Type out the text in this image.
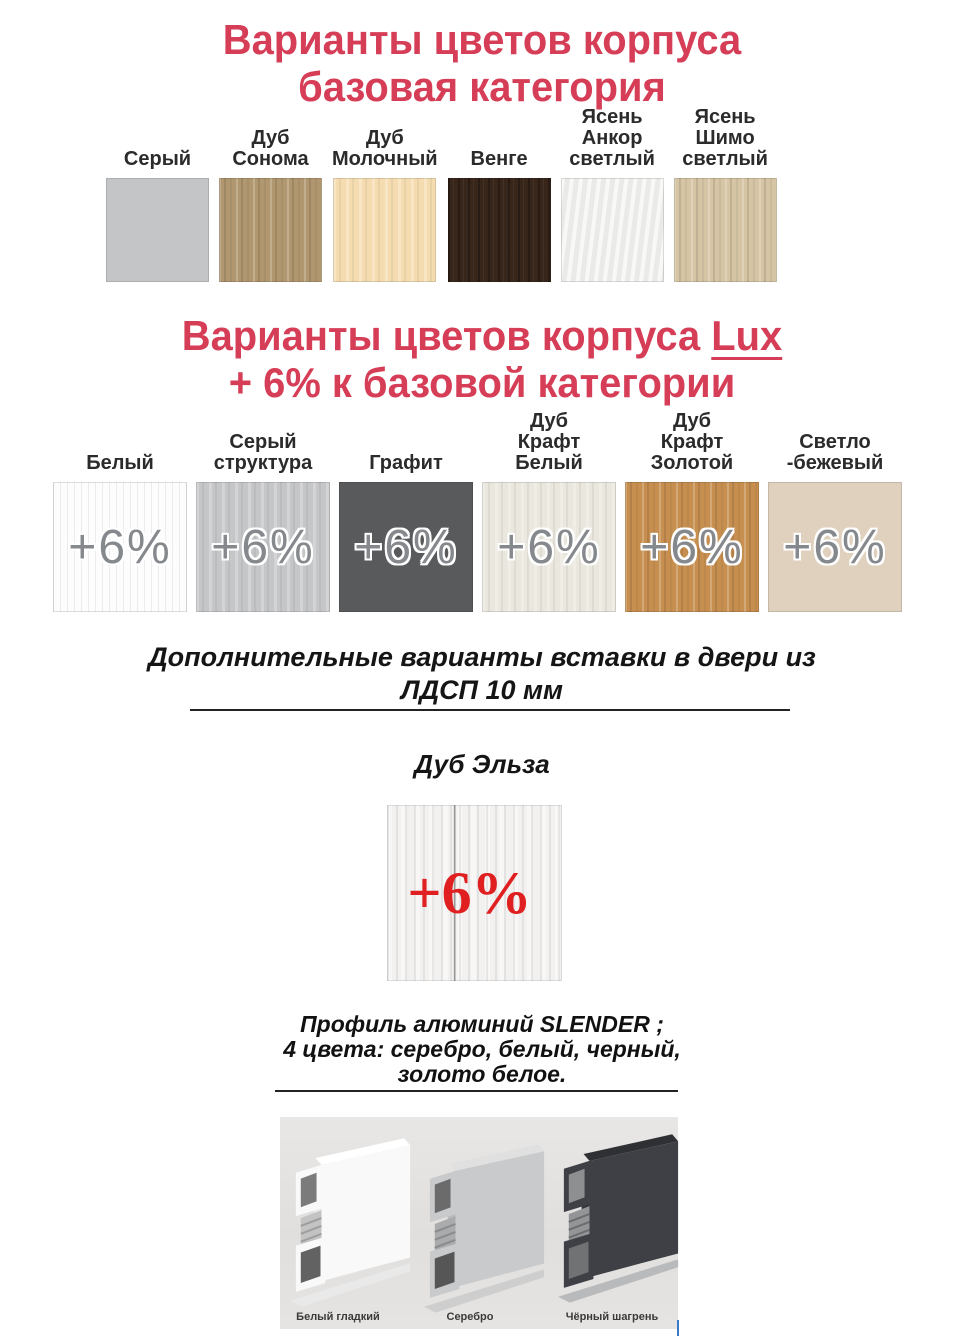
Варианты цветов корпуса
базовая категория
Серый
Дуб
Сонома
Дуб
Молочный Венге
Ясень
Анкор
светлый
Ясень
Шимо
светлый
Варианты цветов корпуса Lux
+ 6% к базовой категории
Белый
+6%
Серый
структура
+6%
Графит
+6%
Дуб
Крафт
Белый
+6%
Дуб
Крафт
Золотой
+6%
Светло
-бежевый
+6%
Дополнительные варианты вставки в двери из
ЛДСП 10 мм
Дуб Эльза
+6%
Профиль алюминий SLENDER ;
4 цвета: серебро, белый, черный,
золото белое.
Белый гладкий	Серебро	Чёрный шагрень
